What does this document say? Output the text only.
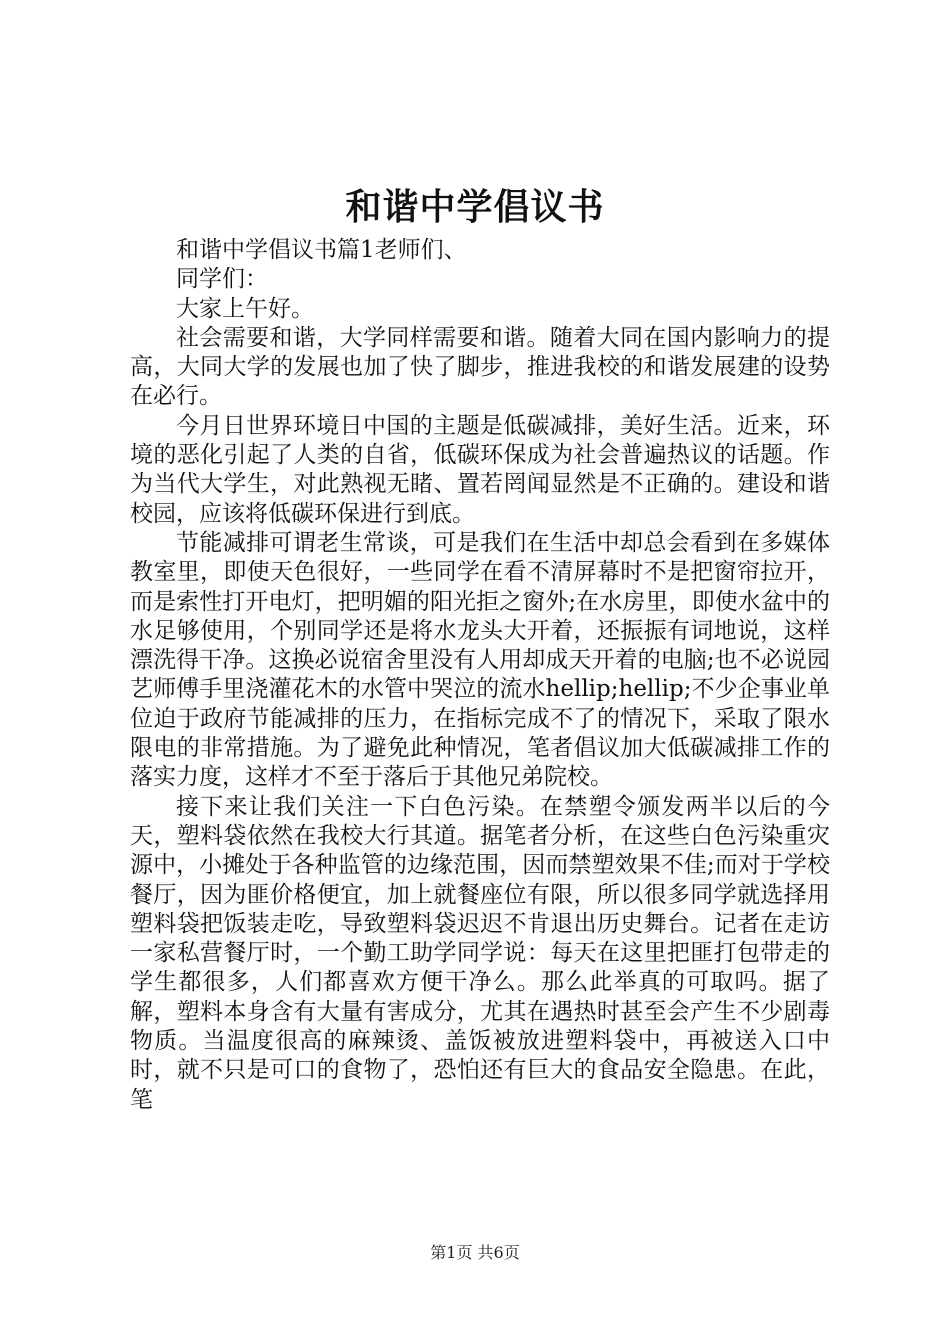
和谐中学倡议书

和谐中学倡议书篇1老师们、

同学们：

大家上午好。

社会需要和谐，大学同样需要和谐。随着大同在国内影响力的提高，大同大学的发展也加了快了脚步，推进我校的和谐发展建的设势在必行。

今月日世界环境日中国的主题是低碳减排，美好生活。近来，环境的恶化引起了人类的自省，低碳环保成为社会普遍热议的话题。作为当代大学生，对此熟视无睹、置若罔闻显然是不正确的。建设和谐校园，应该将低碳环保进行到底。

节能减排可谓老生常谈，可是我们在生活中却总会看到在多媒体教室里，即使天色很好，一些同学在看不清屏幕时不是把窗帘拉开，而是索性打开电灯，把明媚的阳光拒之窗外;在水房里，即使水盆中的水足够使用，个别同学还是将水龙头大开着，还振振有词地说，这样漂洗得干净。这换必说宿舍里没有人用却成天开着的电脑;也不必说园艺师傅手里浇灌花木的水管中哭泣的流水hellip;hellip;不少企事业单位迫于政府节能减排的压力，在指标完成不了的情况下，采取了限水限电的非常措施。为了避免此种情况，笔者倡议加大低碳减排工作的落实力度，这样才不至于落后于其他兄弟院校。

接下来让我们关注一下白色污染。在禁塑令颁发两半以后的今天，塑料袋依然在我校大行其道。据笔者分析，在这些白色污染重灾源中，小摊处于各种监管的边缘范围，因而禁塑效果不佳;而对于学校餐厅，因为匪价格便宜，加上就餐座位有限，所以很多同学就选择用塑料袋把饭装走吃，导致塑料袋迟迟不肯退出历史舞台。记者在走访一家私营餐厅时，一个勤工助学同学说：每天在这里把匪打包带走的学生都很多，人们都喜欢方便干净么。那么此举真的可取吗。据了解，塑料本身含有大量有害成分，尤其在遇热时甚至会产生不少剧毒物质。当温度很高的麻辣烫、盖饭被放进塑料袋中，再被送入口中时，就不只是可口的食物了，恐怕还有巨大的食品安全隐患。在此，笔

第1页 共6页
